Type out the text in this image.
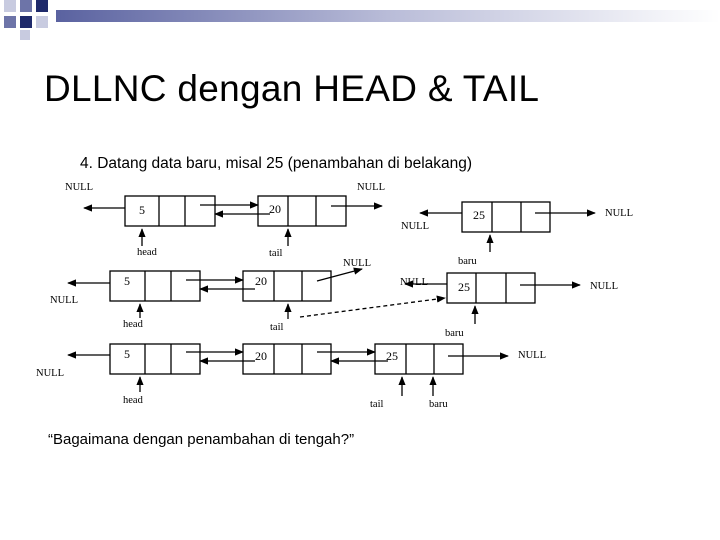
DLLNC dengan HEAD & TAIL
4. Datang data baru, misal 25 (penambahan di belakang)
5	20	25
5	20	25
5	20	25
NULL	NULL
NULL
NULL
NULL
NULL
NULL
NULL
NULL
NULL
head	tail
baru
head	tail
baru
head	tail	baru
“Bagaimana dengan penambahan di tengah?”
